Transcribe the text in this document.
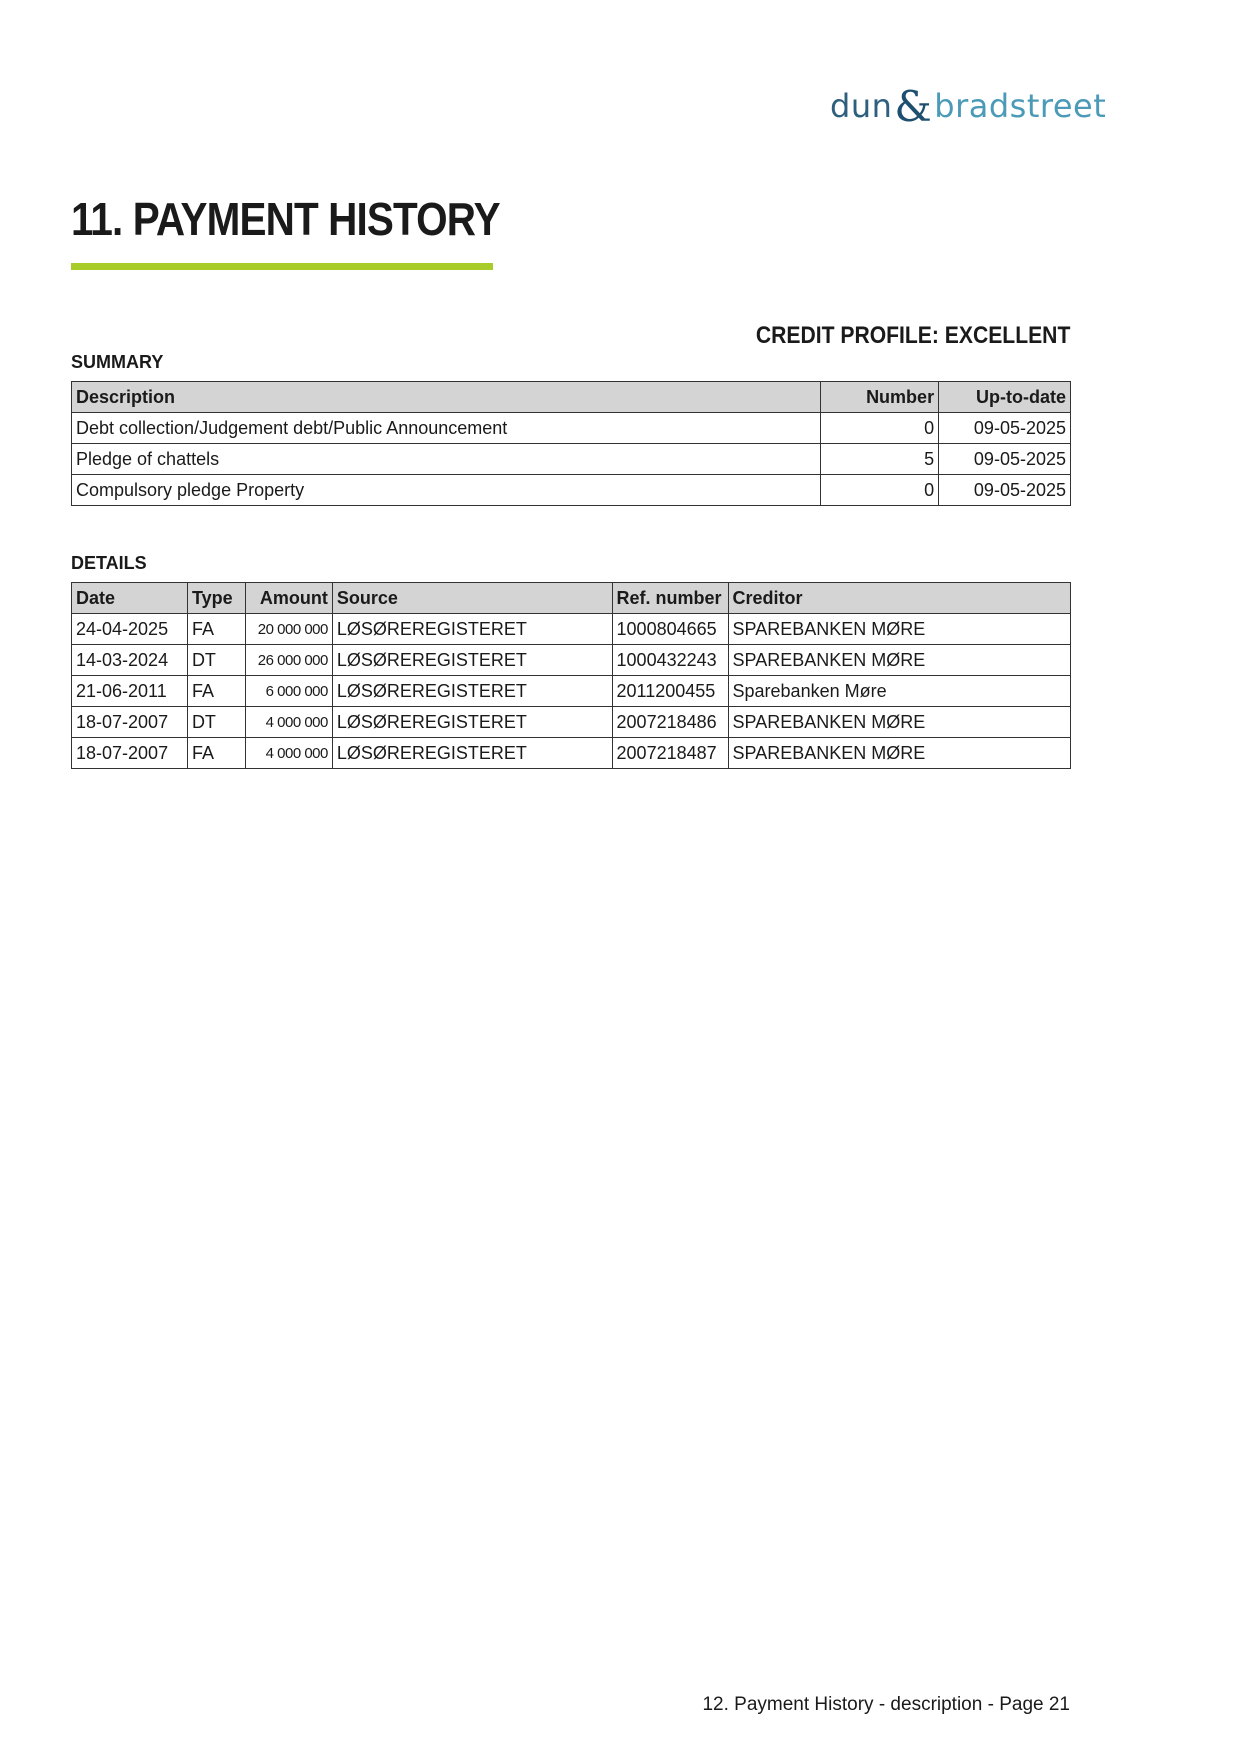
dun&bradstreet
11. PAYMENT HISTORY
CREDIT PROFILE: EXCELLENT

SUMMARY

Description	Number	Up-to-date
Debt collection/Judgement debt/Public Announcement	0	09-05-2025
Pledge of chattels	5	09-05-2025
Compulsory pledge Property	0	09-05-2025

DETAILS

Date	Type	Amount	Source	Ref. number	Creditor
24-04-2025	FA	20 000 000	LØSØREREGISTERET	1000804665	SPAREBANKEN MØRE
14-03-2024	DT	26 000 000	LØSØREREGISTERET	1000432243	SPAREBANKEN MØRE
21-06-2011	FA	6 000 000	LØSØREREGISTERET	2011200455	Sparebanken Møre
18-07-2007	DT	4 000 000	LØSØREREGISTERET	2007218486	SPAREBANKEN MØRE
18-07-2007	FA	4 000 000	LØSØREREGISTERET	2007218487	SPAREBANKEN MØRE
12. Payment History - description - Page 21
